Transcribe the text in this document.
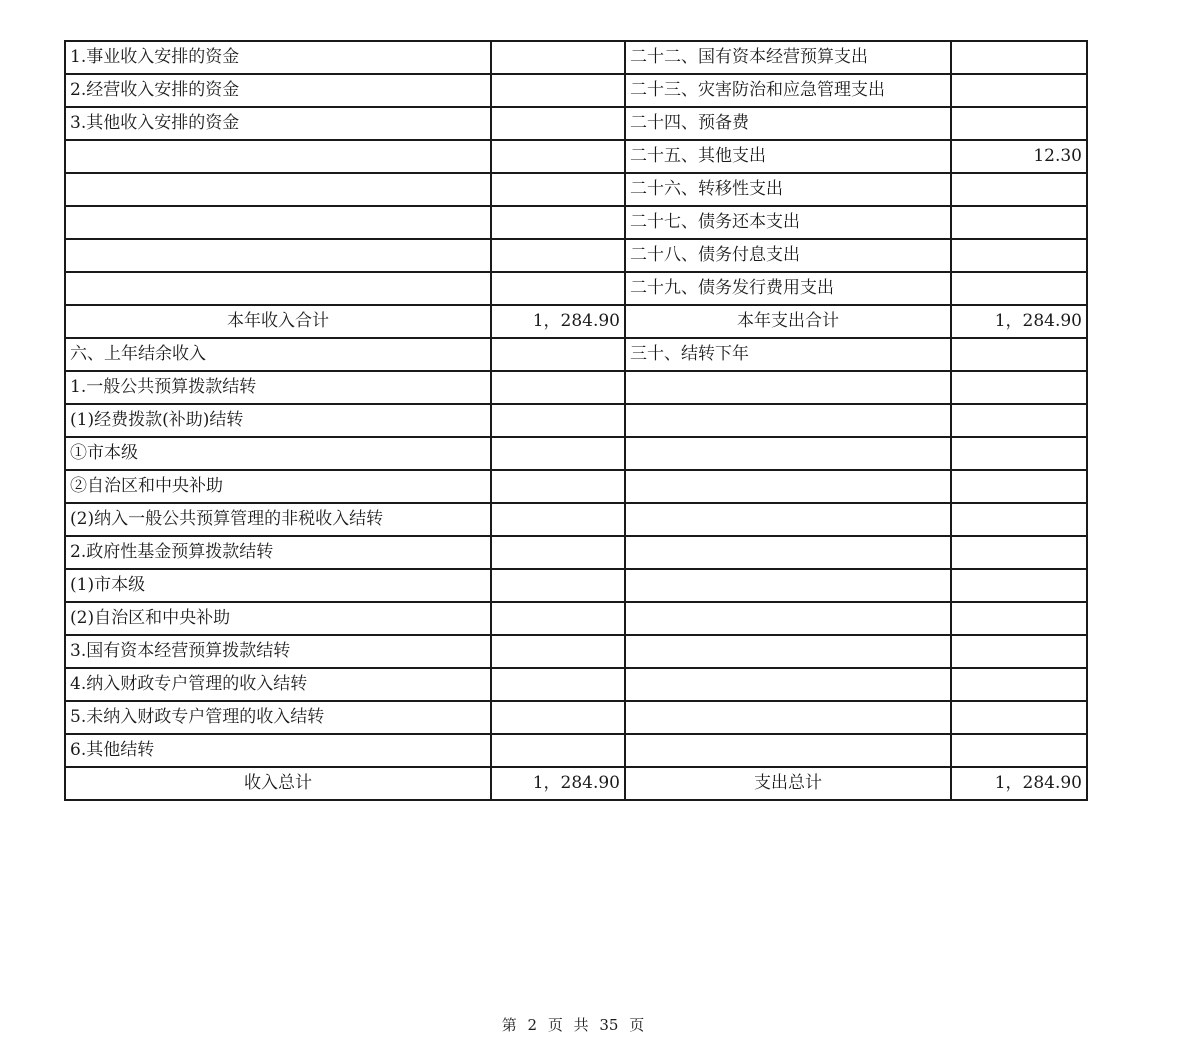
1.事业收入安排的资金		二十二、国有资本经营预算支出	
2.经营收入安排的资金		二十三、灾害防治和应急管理支出	
3.其他收入安排的资金		二十四、预备费	
		二十五、其他支出	12.30
		二十六、转移性支出	
		二十七、债务还本支出	
		二十八、债务付息支出	
		二十九、债务发行费用支出	
本年收入合计	1，284.90	本年支出合计	1，284.90
六、上年结余收入		三十、结转下年	
1.一般公共预算拨款结转			
(1)经费拨款(补助)结转			
①市本级			
②自治区和中央补助			
(2)纳入一般公共预算管理的非税收入结转			
2.政府性基金预算拨款结转			
(1)市本级			
(2)自治区和中央补助			
3.国有资本经营预算拨款结转			
4.纳入财政专户管理的收入结转			
5.未纳入财政专户管理的收入结转			
6.其他结转			
收入总计	1，284.90	支出总计	1，284.90
第 2 页 共 35 页
